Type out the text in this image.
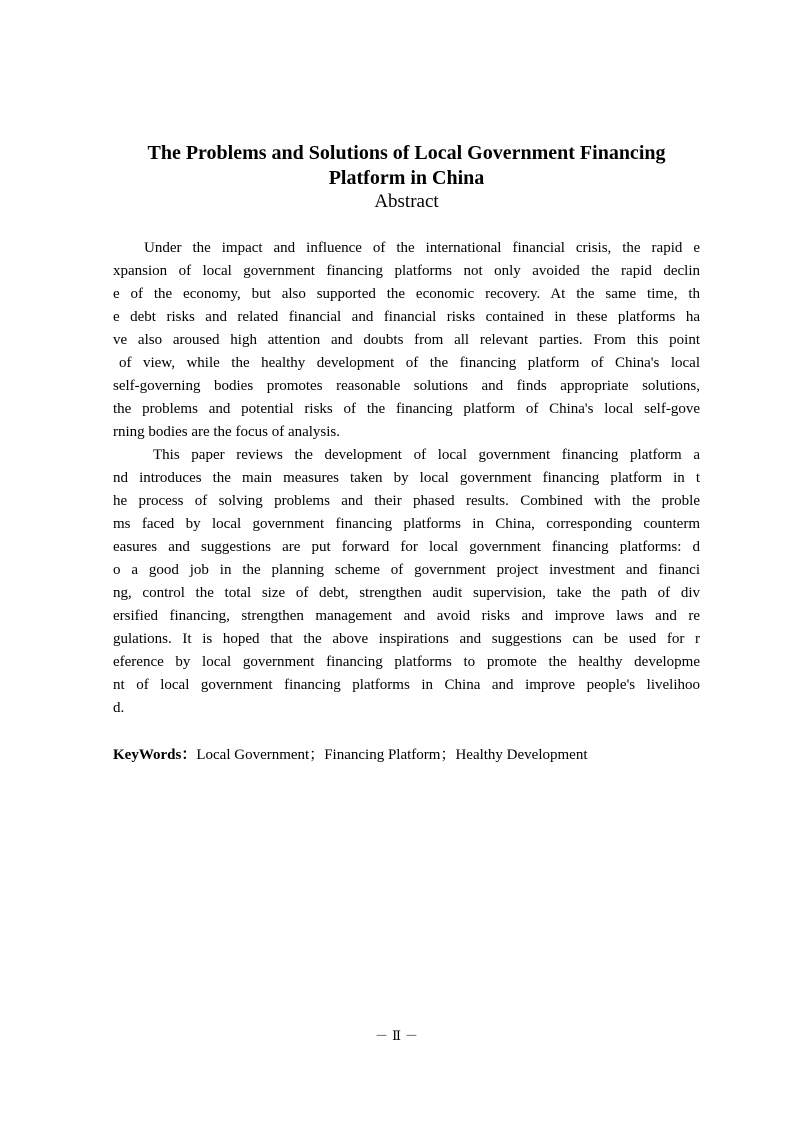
The Problems and Solutions of Local Government Financing
Platform in China
Abstract
Under the impact and influence of the international financial crisis, the rapid e
xpansion of local government financing platforms not only avoided the rapid declin
e of the economy, but also supported the economic recovery. At the same time, th
e debt risks and related financial and financial risks contained in these platforms ha
ve also aroused high attention and doubts from all relevant parties. From this point
of view, while the healthy development of the financing platform of China's local
self-governing bodies promotes reasonable solutions and finds appropriate solutions,
the problems and potential risks of the financing platform of China's local self-gove
rning bodies are the focus of analysis.
This paper reviews the development of local government financing platform a
nd introduces the main measures taken by local government financing platform in t
he process of solving problems and their phased results. Combined with the proble
ms faced by local government financing platforms in China, corresponding counterm
easures and suggestions are put forward for local government financing platforms: d
o a good job in the planning scheme of government project investment and financi
ng, control the total size of debt, strengthen audit supervision, take the path of div
ersified financing, strengthen management and avoid risks and improve laws and re
gulations. It is hoped that the above inspirations and suggestions can be used for r
eference by local government financing platforms to promote the healthy developme
nt of local government financing platforms in China and improve people's livelihoo
d.
KeyWords：Local Government；Financing Platform；Healthy Development
－ Ⅱ －
